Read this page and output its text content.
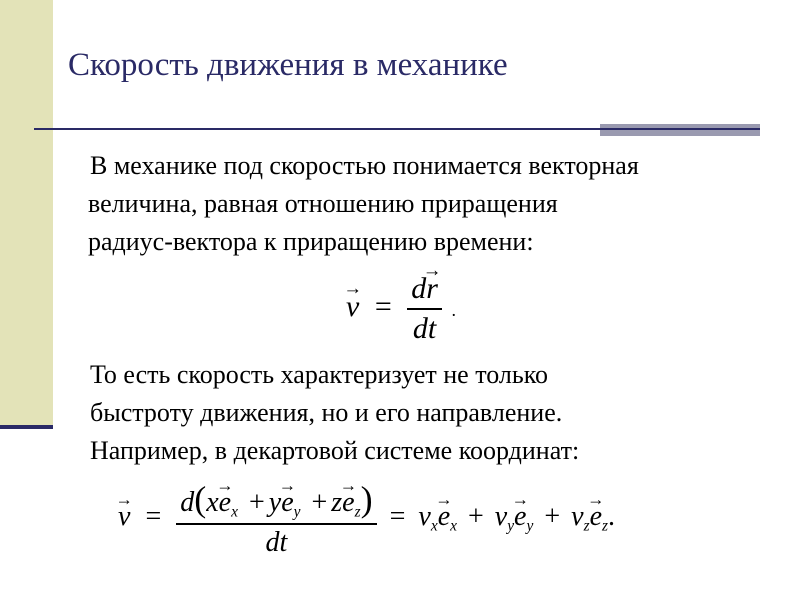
Скорость движения в механике
В механике под скоростью понимается векторная
величина, равная отношению приращения
радиус-вектора к приращению времени:
v → = $\frac{dr \to}{dt}$ .
То есть скорость характеризует не только
быстроту движения, но и его направление.
Например, в декартовой системе координат:
v → = $\frac{d(xe \to_x + ye \to_y + ze \to_z)}{dt} = v_xe \to_x + v_ye \to_y + v_ze \to_z$.
